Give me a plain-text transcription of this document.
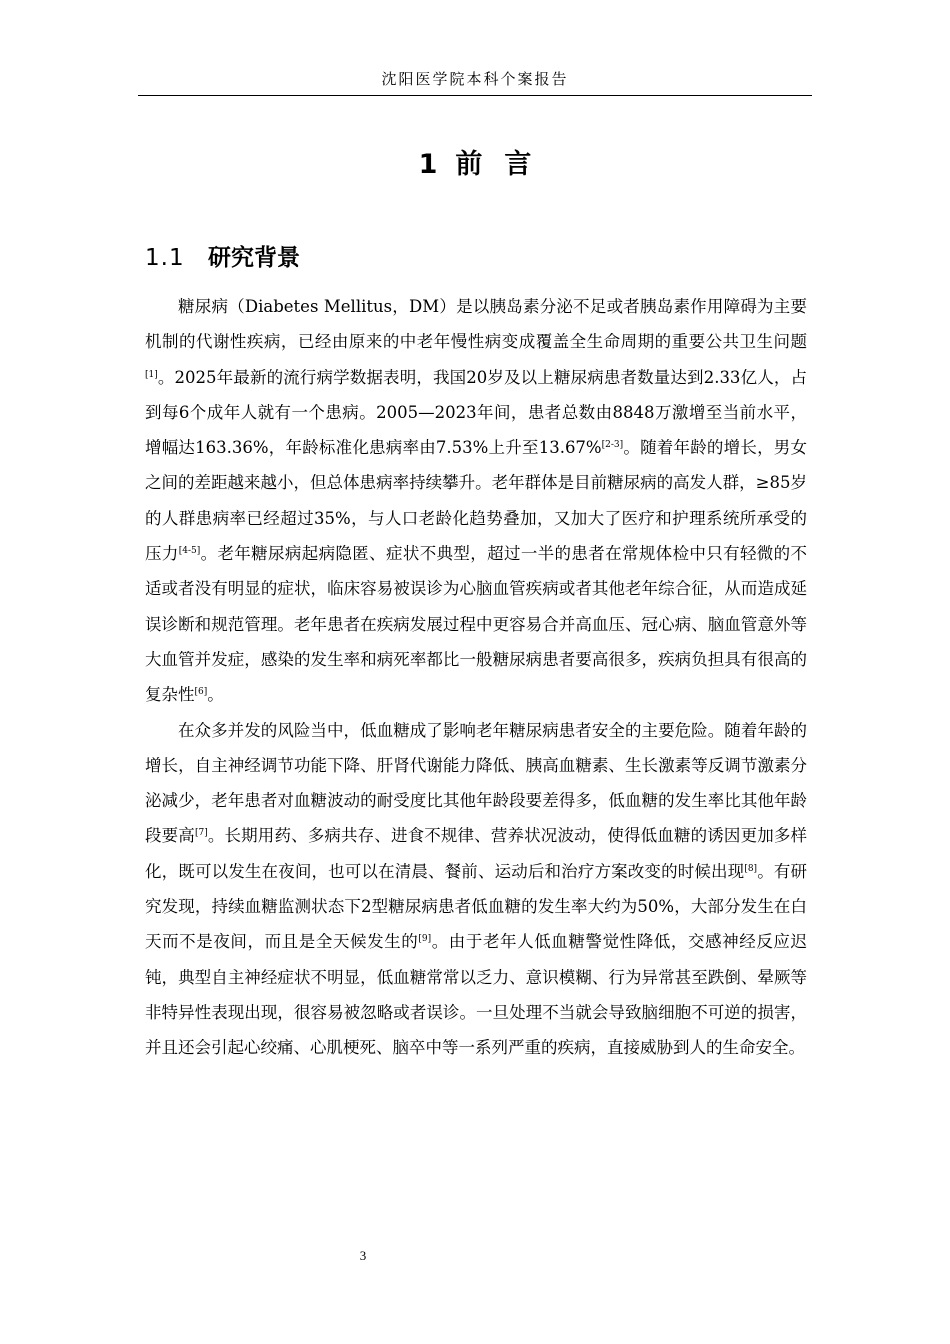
沈阳医学院本科个案报告
1 前 言
1.1 研究背景

糖尿病（Diabetes Mellitus，DM）是以胰岛素分泌不足或者胰岛素作用障碍为主要机制的代谢性疾病，已经由原来的中老年慢性病变成覆盖全生命周期的重要公共卫生问题[1]。2025年最新的流行病学数据表明，我国20岁及以上糖尿病患者数量达到2.33亿人，占到每6个成年人就有一个患病。2005—2023年间，患者总数由8848万激增至当前水平，增幅达163.36%，年龄标准化患病率由7.53%上升至13.67%[2-3]。随着年龄的增长，男女之间的差距越来越小，但总体患病率持续攀升。老年群体是目前糖尿病的高发人群，≥85岁的人群患病率已经超过35%，与人口老龄化趋势叠加，又加大了医疗和护理系统所承受的压力[4-5]。老年糖尿病起病隐匿、症状不典型，超过一半的患者在常规体检中只有轻微的不适或者没有明显的症状，临床容易被误诊为心脑血管疾病或者其他老年综合征，从而造成延误诊断和规范管理。老年患者在疾病发展过程中更容易合并高血压、冠心病、脑血管意外等大血管并发症，感染的发生率和病死率都比一般糖尿病患者要高很多，疾病负担具有很高的复杂性[6]。

在众多并发的风险当中，低血糖成了影响老年糖尿病患者安全的主要危险。随着年龄的增长，自主神经调节功能下降、肝肾代谢能力降低、胰高血糖素、生长激素等反调节激素分泌减少，老年患者对血糖波动的耐受度比其他年龄段要差得多，低血糖的发生率比其他年龄段要高[7]。长期用药、多病共存、进食不规律、营养状况波动，使得低血糖的诱因更加多样化，既可以发生在夜间，也可以在清晨、餐前、运动后和治疗方案改变的时候出现[8]。有研究发现，持续血糖监测状态下2型糖尿病患者低血糖的发生率大约为50%，大部分发生在白天而不是夜间，而且是全天候发生的[9]。由于老年人低血糖警觉性降低，交感神经反应迟钝，典型自主神经症状不明显，低血糖常常以乏力、意识模糊、行为异常甚至跌倒、晕厥等非特异性表现出现，很容易被忽略或者误诊。一旦处理不当就会导致脑细胞不可逆的损害，并且还会引起心绞痛、心肌梗死、脑卒中等一系列严重的疾病，直接威胁到人的生命安全。

3
